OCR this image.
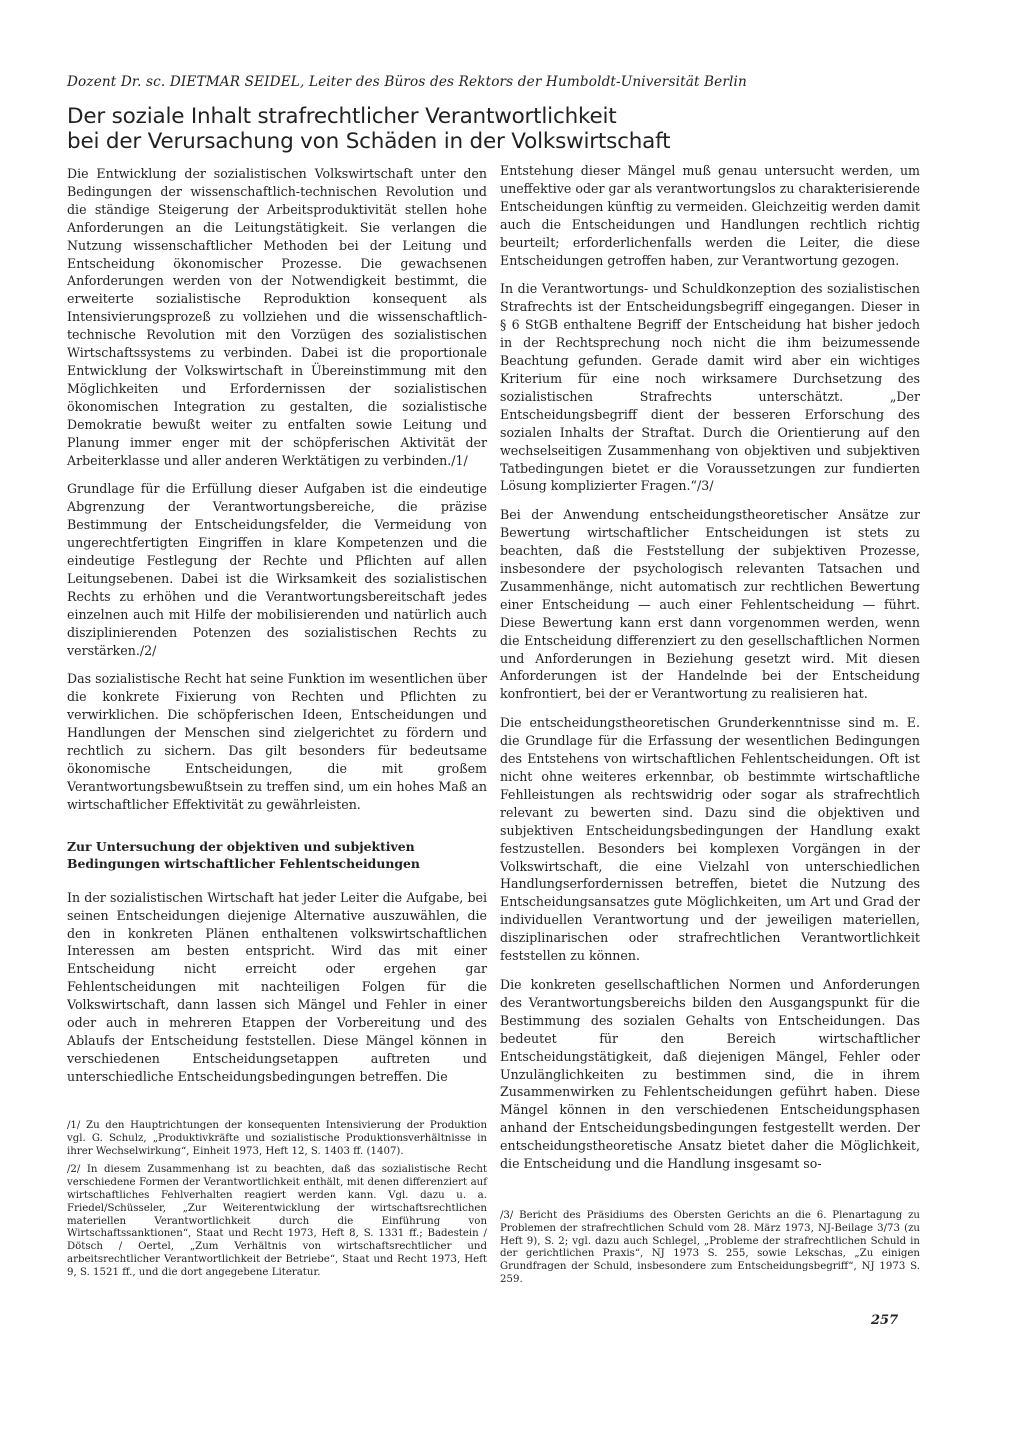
Dozent Dr. sc. DIETMAR SEIDEL, Leiter des Büros des Rektors der Humboldt-Universität Berlin
Der soziale Inhalt strafrechtlicher Verantwortlichkeit
bei der Verursachung von Schäden in der Volkswirtschaft

Die Entwicklung der sozialistischen Volkswirtschaft unter den Bedingungen der wissenschaftlich-technischen Revolution und die ständige Steigerung der Arbeitsproduktivität stellen hohe Anforderungen an die Leitungstätigkeit. Sie verlangen die Nutzung wissenschaftlicher Methoden bei der Leitung und Entscheidung ökonomischer Prozesse. Die gewachsenen Anforderungen werden von der Notwendigkeit bestimmt, die erweiterte sozialistische Reproduktion konsequent als Intensivierungsprozeß zu vollziehen und die wissenschaftlich-technische Revolution mit den Vorzügen des sozialistischen Wirtschaftssystems zu verbinden. Dabei ist die proportionale Entwicklung der Volkswirtschaft in Übereinstimmung mit den Möglichkeiten und Erfordernissen der sozialistischen ökonomischen Integration zu gestalten, die sozialistische Demokratie bewußt weiter zu entfalten sowie Leitung und Planung immer enger mit der schöpferischen Aktivität der Arbeiterklasse und aller anderen Werktätigen zu verbinden./1/

Grundlage für die Erfüllung dieser Aufgaben ist die eindeutige Abgrenzung der Verantwortungsbereiche, die präzise Bestimmung der Entscheidungsfelder, die Vermeidung von ungerechtfertigten Eingriffen in klare Kompetenzen und die eindeutige Festlegung der Rechte und Pflichten auf allen Leitungsebenen. Dabei ist die Wirksamkeit des sozialistischen Rechts zu erhöhen und die Verantwortungsbereitschaft jedes einzelnen auch mit Hilfe der mobilisierenden und natürlich auch disziplinierenden Potenzen des sozialistischen Rechts zu verstärken./2/

Das sozialistische Recht hat seine Funktion im wesentlichen über die konkrete Fixierung von Rechten und Pflichten zu verwirklichen. Die schöpferischen Ideen, Entscheidungen und Handlungen der Menschen sind zielgerichtet zu fördern und rechtlich zu sichern. Das gilt besonders für bedeutsame ökonomische Entscheidungen, die mit großem Verantwortungsbewußtsein zu treffen sind, um ein hohes Maß an wirtschaftlicher Effektivität zu gewährleisten.

Zur Untersuchung der objektiven und subjektiven
Bedingungen wirtschaftlicher Fehlentscheidungen

In der sozialistischen Wirtschaft hat jeder Leiter die Aufgabe, bei seinen Entscheidungen diejenige Alternative auszuwählen, die den in konkreten Plänen enthaltenen volkswirtschaftlichen Interessen am besten entspricht. Wird das mit einer Entscheidung nicht erreicht oder ergehen gar Fehlentscheidungen mit nachteiligen Folgen für die Volkswirtschaft, dann lassen sich Mängel und Fehler in einer oder auch in mehreren Etappen der Vorbereitung und des Ablaufs der Entscheidung feststellen. Diese Mängel können in verschiedenen Entscheidungsetappen auftreten und unterschiedliche Entscheidungsbedingungen betreffen. Die

/1/ Zu den Hauptrichtungen der konsequenten Intensivierung der Produktion vgl. G. Schulz, „Produktivkräfte und sozialistische Produktionsverhältnisse in ihrer Wechselwirkung“, Einheit 1973, Heft 12, S. 1403 ff. (1407).

/2/ In diesem Zusammenhang ist zu beachten, daß das sozialistische Recht verschiedene Formen der Verantwortlichkeit enthält, mit denen differenziert auf wirtschaftliches Fehlverhalten reagiert werden kann. Vgl. dazu u. a. Friedel/Schüsseler, „Zur Weiterentwicklung der wirtschaftsrechtlichen materiellen Verantwortlichkeit durch die Einführung von Wirtschaftssanktionen“, Staat und Recht 1973, Heft 8, S. 1331 ff.; Badestein / Dötsch / Oertel, „Zum Verhältnis von wirtschaftsrechtlicher und arbeitsrechtlicher Verantwortlichkeit der Betriebe“, Staat und Recht 1973, Heft 9, S. 1521 ff., und die dort angegebene Literatur.

Entstehung dieser Mängel muß genau untersucht werden, um uneffektive oder gar als verantwortungslos zu charakterisierende Entscheidungen künftig zu vermeiden. Gleichzeitig werden damit auch die Entscheidungen und Handlungen rechtlich richtig beurteilt; erforderlichenfalls werden die Leiter, die diese Entscheidungen getroffen haben, zur Verantwortung gezogen.

In die Verantwortungs- und Schuldkonzeption des sozialistischen Strafrechts ist der Entscheidungsbegriff eingegangen. Dieser in § 6 StGB enthaltene Begriff der Entscheidung hat bisher jedoch in der Rechtsprechung noch nicht die ihm beizumessende Beachtung gefunden. Gerade damit wird aber ein wichtiges Kriterium für eine noch wirksamere Durchsetzung des sozialistischen Strafrechts unterschätzt. „Der Entscheidungsbegriff dient der besseren Erforschung des sozialen Inhalts der Straftat. Durch die Orientierung auf den wechselseitigen Zusammenhang von objektiven und subjektiven Tatbedingungen bietet er die Voraussetzungen zur fundierten Lösung komplizierter Fragen.“/3/

Bei der Anwendung entscheidungstheoretischer Ansätze zur Bewertung wirtschaftlicher Entscheidungen ist stets zu beachten, daß die Feststellung der subjektiven Prozesse, insbesondere der psychologisch relevanten Tatsachen und Zusammenhänge, nicht automatisch zur rechtlichen Bewertung einer Entscheidung — auch einer Fehlentscheidung — führt. Diese Bewertung kann erst dann vorgenommen werden, wenn die Entscheidung differenziert zu den gesellschaftlichen Normen und Anforderungen in Beziehung gesetzt wird. Mit diesen Anforderungen ist der Handelnde bei der Entscheidung konfrontiert, bei der er Verantwortung zu realisieren hat.

Die entscheidungstheoretischen Grunderkenntnisse sind m. E. die Grundlage für die Erfassung der wesentlichen Bedingungen des Entstehens von wirtschaftlichen Fehlentscheidungen. Oft ist nicht ohne weiteres erkennbar, ob bestimmte wirtschaftliche Fehlleistungen als rechtswidrig oder sogar als strafrechtlich relevant zu bewerten sind. Dazu sind die objektiven und subjektiven Entscheidungsbedingungen der Handlung exakt festzustellen. Besonders bei komplexen Vorgängen in der Volkswirtschaft, die eine Vielzahl von unterschiedlichen Handlungserfordernissen betreffen, bietet die Nutzung des Entscheidungsansatzes gute Möglichkeiten, um Art und Grad der individuellen Verantwortung und der jeweiligen materiellen, disziplinarischen oder strafrechtlichen Verantwortlichkeit feststellen zu können.

Die konkreten gesellschaftlichen Normen und Anforderungen des Verantwortungsbereichs bilden den Ausgangspunkt für die Bestimmung des sozialen Gehalts von Entscheidungen. Das bedeutet für den Bereich wirtschaftlicher Entscheidungstätigkeit, daß diejenigen Mängel, Fehler oder Unzulänglichkeiten zu bestimmen sind, die in ihrem Zusammenwirken zu Fehlentscheidungen geführt haben. Diese Mängel können in den verschiedenen Entscheidungsphasen anhand der Entscheidungsbedingungen festgestellt werden. Der entscheidungstheoretische Ansatz bietet daher die Möglichkeit, die Entscheidung und die Handlung insgesamt so-

/3/ Bericht des Präsidiums des Obersten Gerichts an die 6. Plenartagung zu Problemen der strafrechtlichen Schuld vom 28. März 1973, NJ-Beilage 3/73 (zu Heft 9), S. 2; vgl. dazu auch Schlegel, „Probleme der strafrechtlichen Schuld in der gerichtlichen Praxis“, NJ 1973 S. 255, sowie Lekschas, „Zu einigen Grundfragen der Schuld, insbesondere zum Entscheidungsbegriff“, NJ 1973 S. 259.

257
